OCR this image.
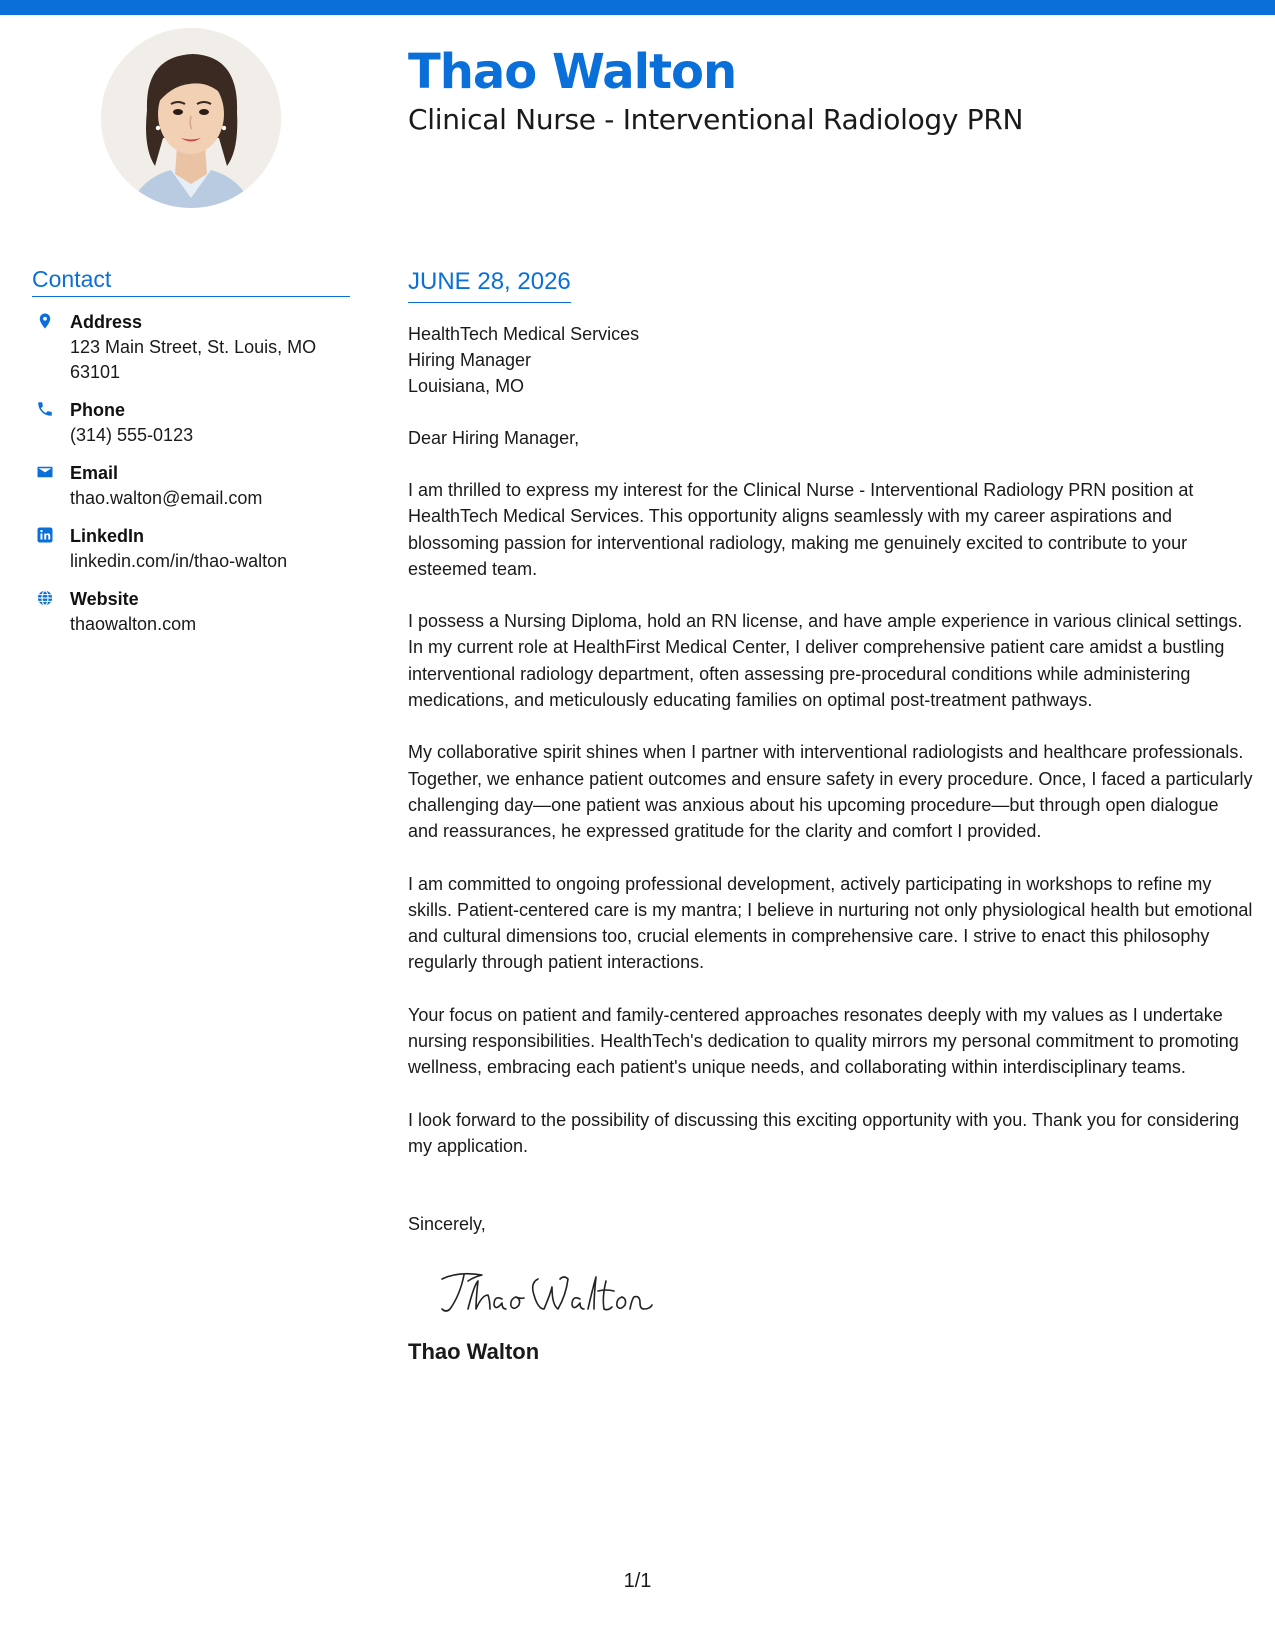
Thao Walton
Clinical Nurse - Interventional Radiology PRN
Contact
Address
123 Main Street, St. Louis, MO 63101
Phone
(314) 555-0123
Email
thao.walton@email.com
LinkedIn
linkedin.com/in/thao-walton
Website
thaowalton.com
JUNE 28, 2026
HealthTech Medical Services
Hiring Manager
Louisiana, MO
Dear Hiring Manager,

I am thrilled to express my interest for the Clinical Nurse - Interventional Radiology PRN position at HealthTech Medical Services. This opportunity aligns seamlessly with my career aspirations and blossoming passion for interventional radiology, making me genuinely excited to contribute to your esteemed team.

I possess a Nursing Diploma, hold an RN license, and have ample experience in various clinical settings. In my current role at HealthFirst Medical Center, I deliver comprehensive patient care amidst a bustling interventional radiology department, often assessing pre-procedural conditions while administering medications, and meticulously educating families on optimal post-treatment pathways.

My collaborative spirit shines when I partner with interventional radiologists and healthcare professionals. Together, we enhance patient outcomes and ensure safety in every procedure. Once, I faced a particularly challenging day—one patient was anxious about his upcoming procedure—but through open dialogue and reassurances, he expressed gratitude for the clarity and comfort I provided.

I am committed to ongoing professional development, actively participating in workshops to refine my skills. Patient-centered care is my mantra; I believe in nurturing not only physiological health but emotional and cultural dimensions too, crucial elements in comprehensive care. I strive to enact this philosophy regularly through patient interactions.

Your focus on patient and family-centered approaches resonates deeply with my values as I undertake nursing responsibilities. HealthTech's dedication to quality mirrors my personal commitment to promoting wellness, embracing each patient's unique needs, and collaborating within interdisciplinary teams.

I look forward to the possibility of discussing this exciting opportunity with you. Thank you for considering my application.

Sincerely,
Thao Walton
1/1
